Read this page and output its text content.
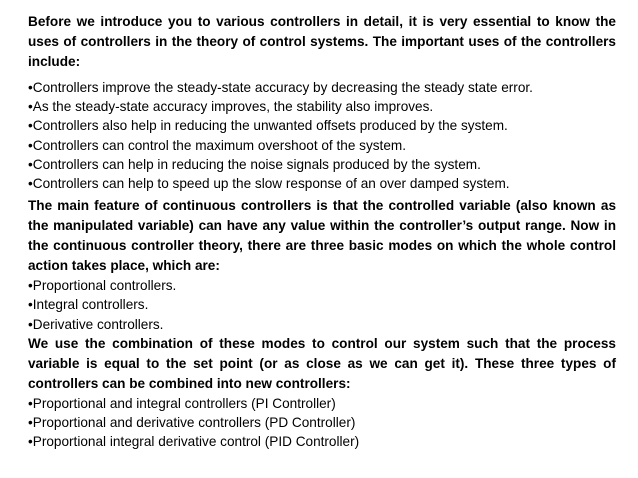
Before we introduce you to various controllers in detail, it is very essential to know the uses of controllers in the theory of control systems. The important uses of the controllers include:

•Controllers improve the steady-state accuracy by decreasing the steady state error.
•As the steady-state accuracy improves, the stability also improves.
•Controllers also help in reducing the unwanted offsets produced by the system.
•Controllers can control the maximum overshoot of the system.
•Controllers can help in reducing the noise signals produced by the system.
•Controllers can help to speed up the slow response of an over damped system.

The main feature of continuous controllers is that the controlled variable (also known as the manipulated variable) can have any value within the controller’s output range. Now in the continuous controller theory, there are three basic modes on which the whole control action takes place, which are:

•Proportional controllers.
•Integral controllers.
•Derivative controllers.

We use the combination of these modes to control our system such that the process variable is equal to the set point (or as close as we can get it). These three types of controllers can be combined into new controllers:

•Proportional and integral controllers (PI Controller)
•Proportional and derivative controllers (PD Controller)
•Proportional integral derivative control (PID Controller)
